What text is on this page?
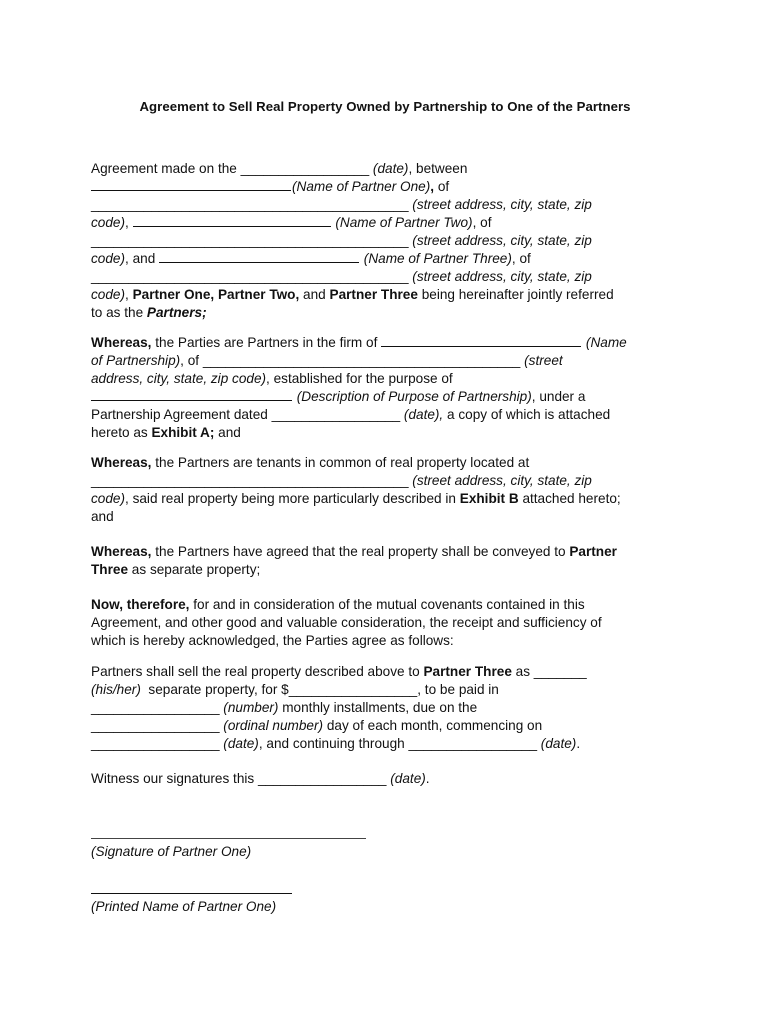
Agreement to Sell Real Property Owned by Partnership to One of the Partners
Agreement made on the _________________ (date), between
(Name of Partner One), of
__________________________________________ (street address, city, state, zip
code),	(Name of Partner Two), of
__________________________________________ (street address, city, state, zip
code), and	(Name of Partner Three), of
__________________________________________ (street address, city, state, zip
code), Partner One, Partner Two, and Partner Three being hereinafter jointly referred
to as the Partners;
Whereas, the Parties are Partners in the firm of	(Name
of Partnership), of __________________________________________ (street
address, city, state, zip code), established for the purpose of
(Description of Purpose of Partnership), under a
Partnership Agreement dated _________________ (date), a copy of which is attached
hereto as Exhibit A; and
Whereas, the Partners are tenants in common of real property located at
__________________________________________ (street address, city, state, zip
code), said real property being more particularly described in Exhibit B attached hereto;
and
Whereas, the Partners have agreed that the real property shall be conveyed to Partner
Three as separate property;
Now, therefore, for and in consideration of the mutual covenants contained in this
Agreement, and other good and valuable consideration, the receipt and sufficiency of
which is hereby acknowledged, the Parties agree as follows:
Partners shall sell the real property described above to Partner Three as _______
(his/her)  separate property, for $_________________, to be paid in
_________________ (number) monthly installments, due on the
_________________ (ordinal number) day of each month, commencing on
_________________ (date), and continuing through _________________ (date).
Witness our signatures this _________________ (date).
(Signature of Partner One)
(Printed Name of Partner One)
